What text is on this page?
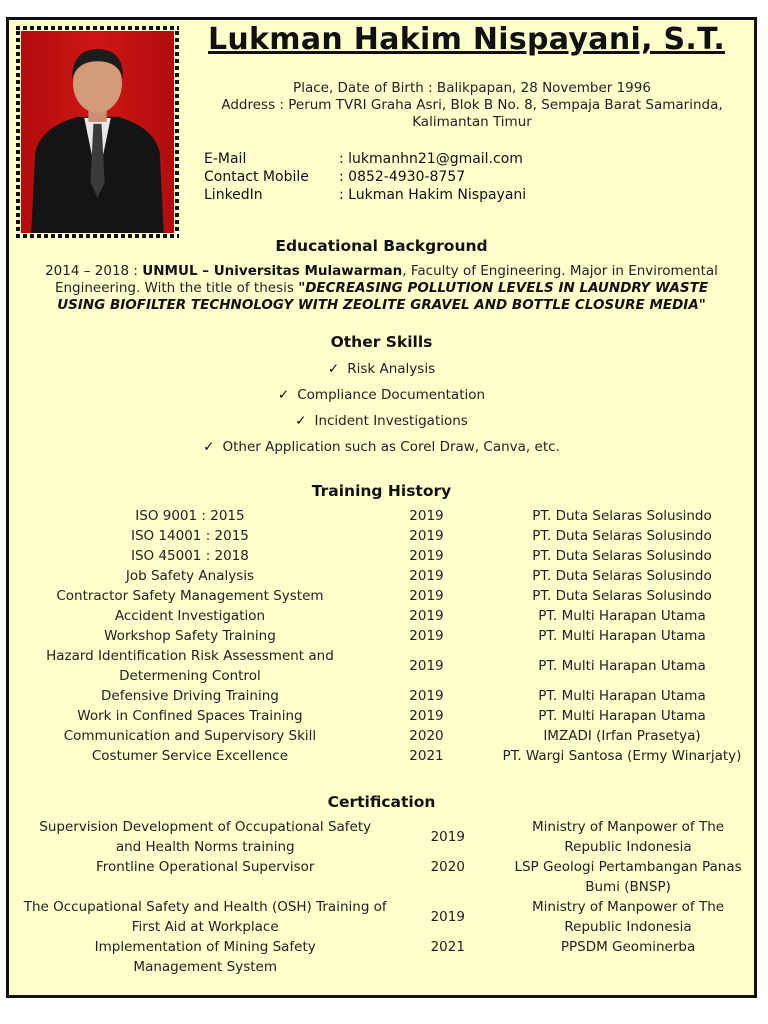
Lukman Hakim Nispayani, S.T.
Place, Date of Birth : Balikpapan, 28 November 1996
Address : Perum TVRI Graha Asri, Blok B No. 8, Sempaja Barat Samarinda,
Kalimantan Timur
E-Mail	: lukmanhn21@gmail.com
Contact Mobile	: 0852-4930-8757
LinkedIn	: Lukman Hakim Nispayani
Educational Background
2014 – 2018 : UNMUL – Universitas Mulawarman, Faculty of Engineering. Major in Enviromental Engineering. With the title of thesis "DECREASING POLLUTION LEVELS IN LAUNDRY WASTE USING BIOFILTER TECHNOLOGY WITH ZEOLITE GRAVEL AND BOTTLE CLOSURE MEDIA"
Other Skills
✓ Risk Analysis
✓ Compliance Documentation
✓ Incident Investigations
✓ Other Application such as Corel Draw, Canva, etc.
Training History
ISO 9001 : 2015	2019	PT. Duta Selaras Solusindo
ISO 14001 : 2015	2019	PT. Duta Selaras Solusindo
ISO 45001 : 2018	2019	PT. Duta Selaras Solusindo
Job Safety Analysis	2019	PT. Duta Selaras Solusindo
Contractor Safety Management System	2019	PT. Duta Selaras Solusindo
Accident Investigation	2019	PT. Multi Harapan Utama
Workshop Safety Training	2019	PT. Multi Harapan Utama
Hazard Identification Risk Assessment and Determening Control	2019	PT. Multi Harapan Utama
Defensive Driving Training	2019	PT. Multi Harapan Utama
Work in Confined Spaces Training	2019	PT. Multi Harapan Utama
Communication and Supervisory Skill	2020	IMZADI (Irfan Prasetya)
Costumer Service Excellence	2021	PT. Wargi Santosa (Ermy Winarjaty)
Certification
Supervision Development of Occupational Safety and Health Norms training	2019	Ministry of Manpower of The Republic Indonesia
Frontline Operational Supervisor	2020	LSP Geologi Pertambangan Panas Bumi (BNSP)
The Occupational Safety and Health (OSH) Training of First Aid at Workplace	2019	Ministry of Manpower of The Republic Indonesia
Implementation of Mining Safety Management System	2021	PPSDM Geominerba
